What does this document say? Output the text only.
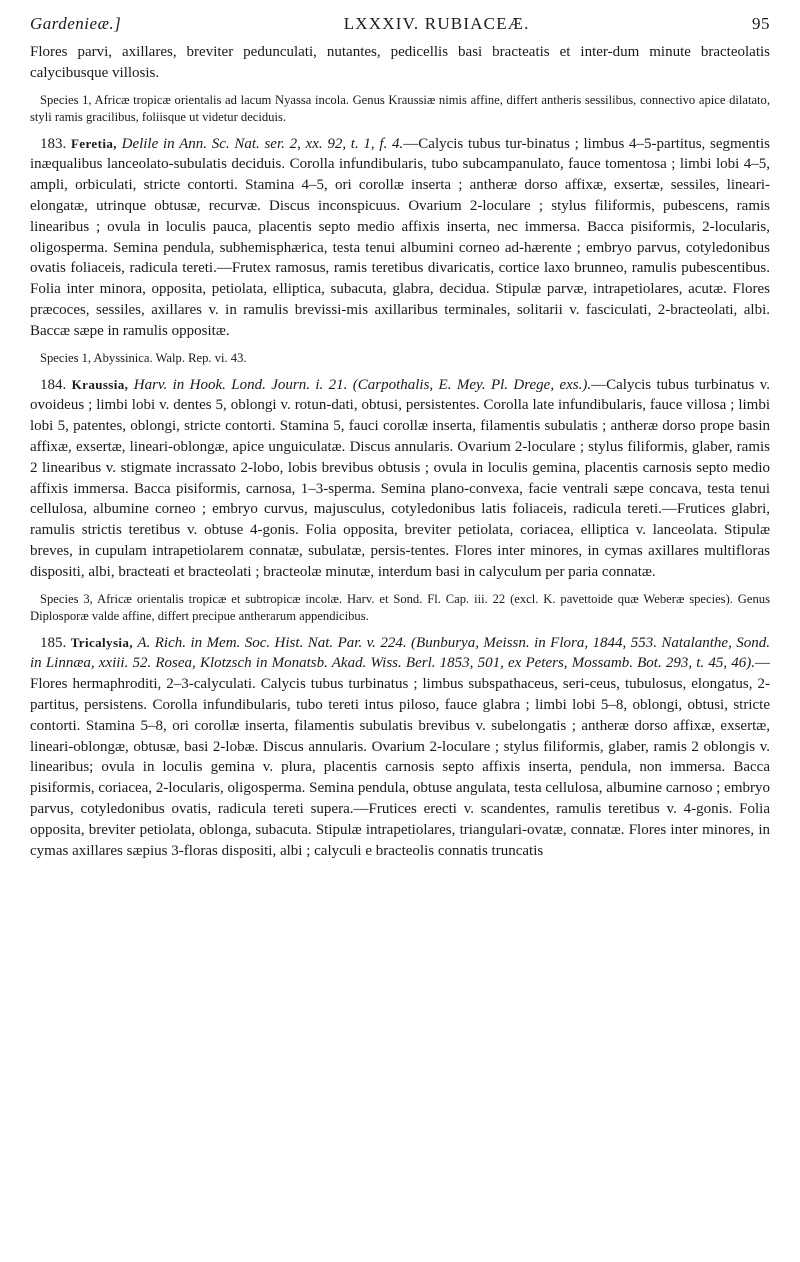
Gardenieæ.]	LXXXIV. RUBIACEÆ.	95

Flores parvi, axillares, breviter pedunculati, nutantes, pedicellis basi bracteatis et inter-dum minute bracteolatis calycibusque villosis.

Species 1, Africæ tropicæ orientalis ad lacum Nyassa incola. Genus Kraussiæ nimis affine, differt antheris sessilibus, connectivo apice dilatato, styli ramis gracilibus, foliisque ut videtur deciduis.

183. Feretia, Delile in Ann. Sc. Nat. ser. 2, xx. 92, t. 1, f. 4.—Calycis tubus tur-binatus ; limbus 4–5-partitus, segmentis inæqualibus lanceolato-subulatis deciduis. Corolla infundibularis, tubo subcampanulato, fauce tomentosa ; limbi lobi 4–5, ampli, orbiculati, stricte contorti. Stamina 4–5, ori corollæ inserta ; antheræ dorso affixæ, exsertæ, sessiles, lineari-elongatæ, utrinque obtusæ, recurvæ. Discus inconspicuus. Ovarium 2-loculare ; stylus filiformis, pubescens, ramis linearibus ; ovula in loculis pauca, placentis septo medio affixis inserta, nec immersa. Bacca pisiformis, 2-locularis, oligosperma. Semina pendula, subhemisphærica, testa tenui albumini corneo ad-hærente ; embryo parvus, cotyledonibus ovatis foliaceis, radicula tereti.—Frutex ramosus, ramis teretibus divaricatis, cortice laxo brunneo, ramulis pubescentibus. Folia inter minora, opposita, petiolata, elliptica, subacuta, glabra, decidua. Stipulæ parvæ, intrapetiolares, acutæ. Flores præcoces, sessiles, axillares v. in ramulis brevissi-mis axillaribus terminales, solitarii v. fasciculati, 2-bracteolati, albi. Baccæ sæpe in ramulis oppositæ.

Species 1, Abyssinica. Walp. Rep. vi. 43.

184. Kraussia, Harv. in Hook. Lond. Journ. i. 21. (Carpothalis, E. Mey. Pl. Drege, exs.).—Calycis tubus turbinatus v. ovoideus ; limbi lobi v. dentes 5, oblongi v. rotun-dati, obtusi, persistentes. Corolla late infundibularis, fauce villosa ; limbi lobi 5, patentes, oblongi, stricte contorti. Stamina 5, fauci corollæ inserta, filamentis subulatis ; antheræ dorso prope basin affixæ, exsertæ, lineari-oblongæ, apice unguiculatæ. Discus annularis. Ovarium 2-loculare ; stylus filiformis, glaber, ramis 2 linearibus v. stigmate incrassato 2-lobo, lobis brevibus obtusis ; ovula in loculis gemina, placentis carnosis septo medio affixis immersa. Bacca pisiformis, carnosa, 1–3-sperma. Semina plano-convexa, facie ventrali sæpe concava, testa tenui cellulosa, albumine corneo ; embryo curvus, majusculus, cotyledonibus latis foliaceis, radicula tereti.—Frutices glabri, ramulis strictis teretibus v. obtuse 4-gonis. Folia opposita, breviter petiolata, coriacea, elliptica v. lanceolata. Stipulæ breves, in cupulam intrapetiolarem connatæ, subulatæ, persis-tentes. Flores inter minores, in cymas axillares multifloras dispositi, albi, bracteati et bracteolati ; bracteolæ minutæ, interdum basi in calyculum per paria connatæ.

Species 3, Africæ orientalis tropicæ et subtropicæ incolæ. Harv. et Sond. Fl. Cap. iii. 22 (excl. K. pavettoide quæ Weberæ species). Genus Diplosporæ valde affine, differt precipue antherarum appendicibus.

185. Tricalysia, A. Rich. in Mem. Soc. Hist. Nat. Par. v. 224. (Bunburya, Meissn. in Flora, 1844, 553. Natalanthe, Sond. in Linnæa, xxiii. 52. Rosea, Klotzsch in Monatsb. Akad. Wiss. Berl. 1853, 501, ex Peters, Mossamb. Bot. 293, t. 45, 46).—Flores hermaphroditi, 2–3-calyculati. Calycis tubus turbinatus ; limbus subspathaceus, seri-ceus, tubulosus, elongatus, 2-partitus, persistens. Corolla infundibularis, tubo tereti intus piloso, fauce glabra ; limbi lobi 5–8, oblongi, obtusi, stricte contorti. Stamina 5–8, ori corollæ inserta, filamentis subulatis brevibus v. subelongatis ; antheræ dorso affixæ, exsertæ, lineari-oblongæ, obtusæ, basi 2-lobæ. Discus annularis. Ovarium 2-loculare ; stylus filiformis, glaber, ramis 2 oblongis v. linearibus; ovula in loculis gemina v. plura, placentis carnosis septo affixis inserta, pendula, non immersa. Bacca pisiformis, coriacea, 2-locularis, oligosperma. Semina pendula, obtuse angulata, testa cellulosa, albumine carnoso ; embryo parvus, cotyledonibus ovatis, radicula tereti supera.—Frutices erecti v. scandentes, ramulis teretibus v. 4-gonis. Folia opposita, breviter petiolata, oblonga, subacuta. Stipulæ intrapetiolares, triangulari-ovatæ, connatæ. Flores inter minores, in cymas axillares sæpius 3-floras dispositi, albi ; calyculi e bracteolis connatis truncatis
